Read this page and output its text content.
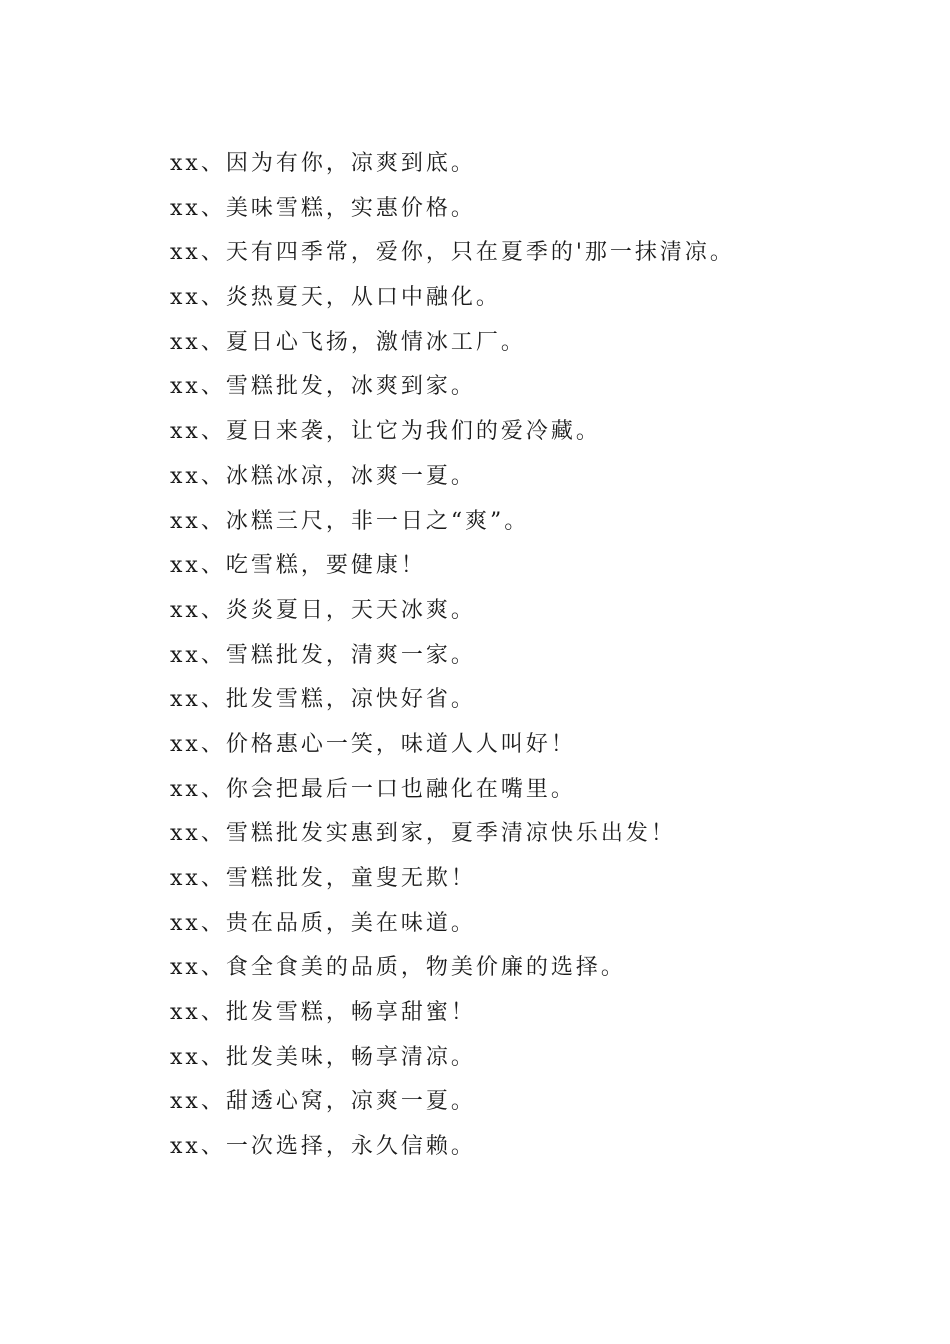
xx、因为有你，凉爽到底。
xx、美味雪糕，实惠价格。
xx、天有四季常，爱你，只在夏季的'那一抹清凉。
xx、炎热夏天，从口中融化。
xx、夏日心飞扬，激情冰工厂。
xx、雪糕批发，冰爽到家。
xx、夏日来袭，让它为我们的爱冷藏。
xx、冰糕冰凉，冰爽一夏。
xx、冰糕三尺，非一日之“爽”。
xx、吃雪糕，要健康！
xx、炎炎夏日，天天冰爽。
xx、雪糕批发，清爽一家。
xx、批发雪糕，凉快好省。
xx、价格惠心一笑，味道人人叫好！
xx、你会把最后一口也融化在嘴里。
xx、雪糕批发实惠到家，夏季清凉快乐出发！
xx、雪糕批发，童叟无欺！
xx、贵在品质，美在味道。
xx、食全食美的品质，物美价廉的选择。
xx、批发雪糕，畅享甜蜜！
xx、批发美味，畅享清凉。
xx、甜透心窝，凉爽一夏。
xx、一次选择，永久信赖。
